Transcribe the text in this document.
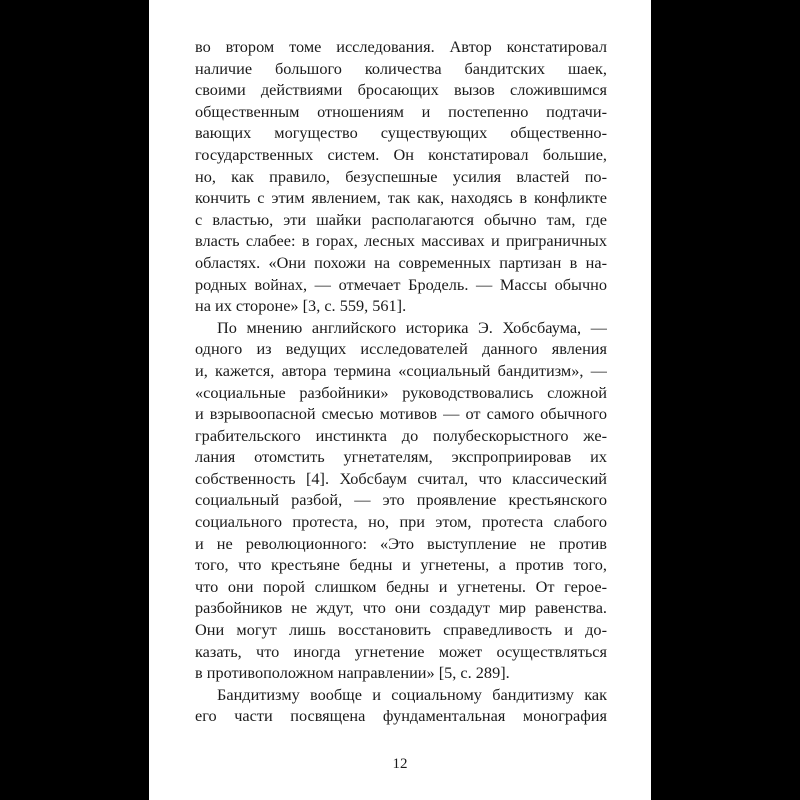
во втором томе исследования. Автор констатировал
наличие большого количества бандитских шаек,
своими действиями бросающих вызов сложившимся
общественным отношениям и постепенно подтачи-
вающих могущество существующих общественно-
государственных систем. Он констатировал большие,
но, как правило, безуспешные усилия властей по-
кончить с этим явлением, так как, находясь в конфликте
с властью, эти шайки располагаются обычно там, где
власть слабее: в горах, лесных массивах и приграничных
областях. «Они похожи на современных партизан в на-
родных войнах, — отмечает Бродель. — Массы обычно
на их стороне» [3, с. 559, 561].
По мнению английского историка Э. Хобсбаума, —
одного из ведущих исследователей данного явления
и, кажется, автора термина «социальный бандитизм», —
«социальные разбойники» руководствовались сложной
и взрывоопасной смесью мотивов — от самого обычного
грабительского инстинкта до полубескорыстного же-
лания отомстить угнетателям, экспроприировав их
собственность [4]. Хобсбаум считал, что классический
социальный разбой, — это проявление крестьянского
социального протеста, но, при этом, протеста слабого
и не революционного: «Это выступление не против
того, что крестьяне бедны и угнетены, а против того,
что они порой слишком бедны и угнетены. От герое-
разбойников не ждут, что они создадут мир равенства.
Они могут лишь восстановить справедливость и до-
казать, что иногда угнетение может осуществляться
в противоположном направлении» [5, с. 289].
Бандитизму вообще и социальному бандитизму как
его части посвящена фундаментальная монография
12
